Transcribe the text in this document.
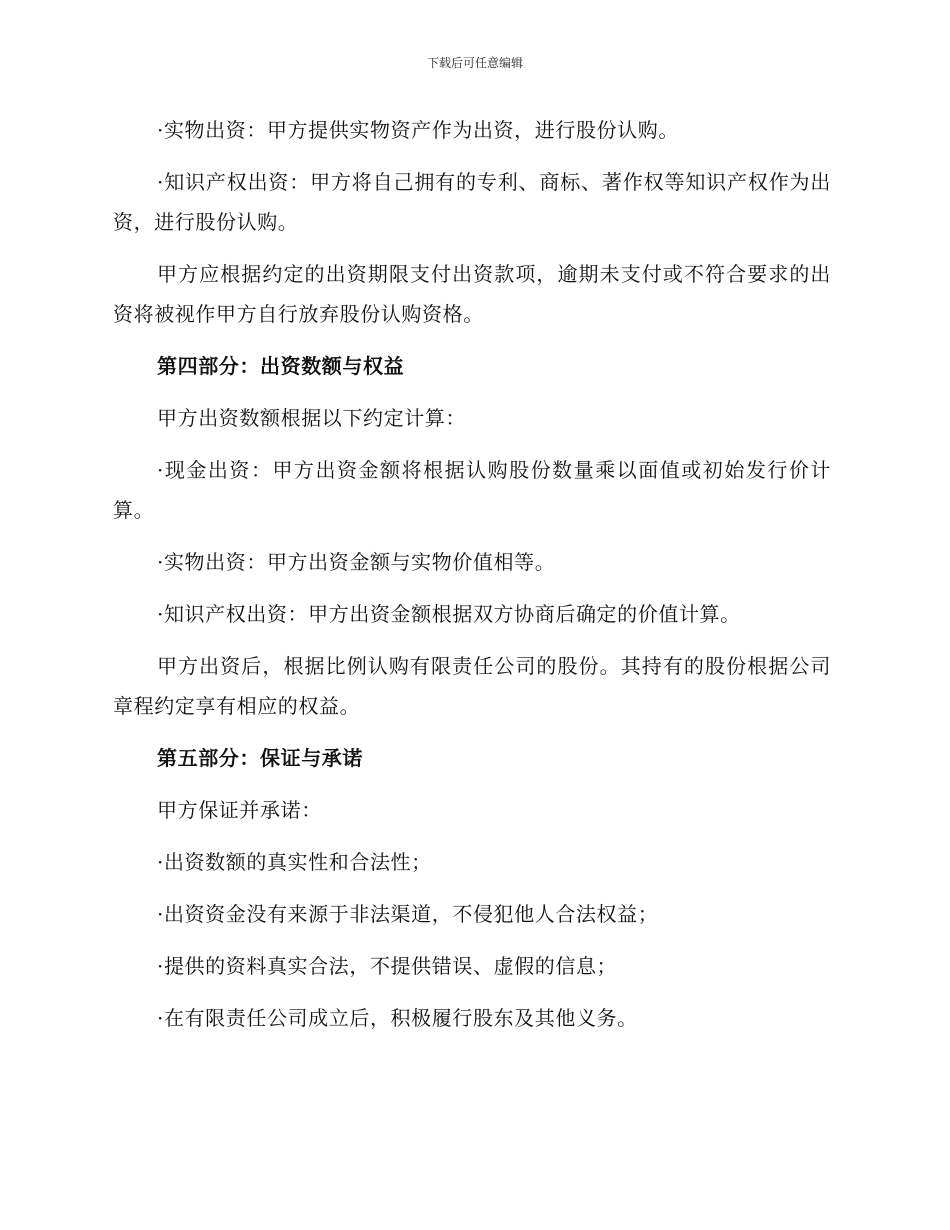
下载后可任意编辑

·实物出资：甲方提供实物资产作为出资，进行股份认购。

·知识产权出资：甲方将自己拥有的专利、商标、著作权等知识产权作为出资，进行股份认购。

甲方应根据约定的出资期限支付出资款项，逾期未支付或不符合要求的出资将被视作甲方自行放弃股份认购资格。

第四部分：出资数额与权益

甲方出资数额根据以下约定计算：

·现金出资：甲方出资金额将根据认购股份数量乘以面值或初始发行价计算。

·实物出资：甲方出资金额与实物价值相等。

·知识产权出资：甲方出资金额根据双方协商后确定的价值计算。

甲方出资后，根据比例认购有限责任公司的股份。其持有的股份根据公司章程约定享有相应的权益。

第五部分：保证与承诺

甲方保证并承诺：

·出资数额的真实性和合法性；

·出资资金没有来源于非法渠道，不侵犯他人合法权益；

·提供的资料真实合法，不提供错误、虚假的信息；

·在有限责任公司成立后，积极履行股东及其他义务。
